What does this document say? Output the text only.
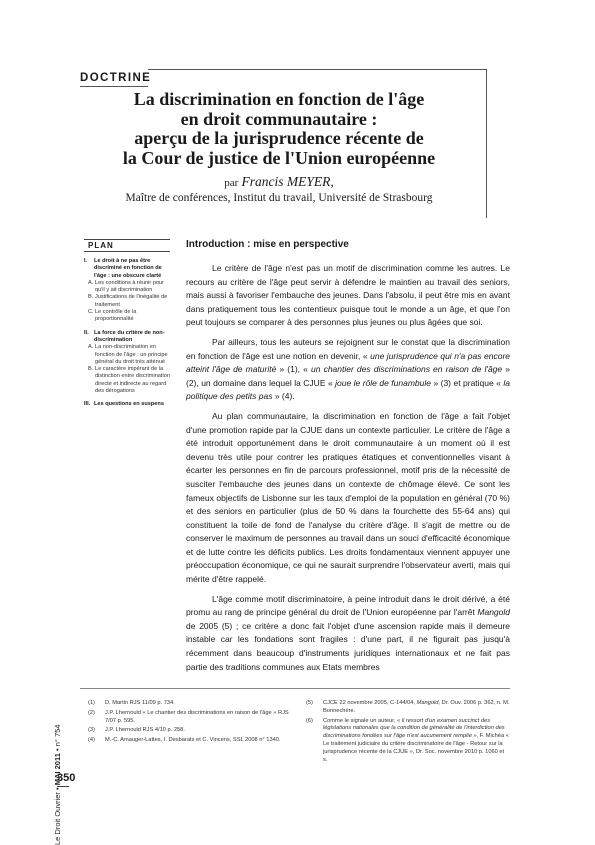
DOCTRINE
La discrimination en fonction de l'âge
en droit communautaire :
aperçu de la jurisprudence récente de
la Cour de justice de l'Union européenne
par Francis MEYER,
Maître de conférences, Institut du travail, Université de Strasbourg
PLAN
I.	Le droit à ne pas être discriminé en fonction de l'âge : une obscure clarté
A. Les conditions à réunir pour qu'il y ait discrimination
B. Justifications de l'inégalité de traitement
C. Le contrôle de la proportionnalité
II. La force du critère de non-discrimination
A. La non-discrimination en fonction de l'âge : un principe général du droit très atténué
B. Le caractère impérant de la distinction entre discrimination directe et indirecte au regard des dérogations
III. Les questions en suspens
Introduction : mise en perspective

Le critère de l'âge n'est pas un motif de discrimination comme les autres. Le recours au critère de l'âge peut servir à défendre le maintien au travail des seniors, mais aussi à favoriser l'embauche des jeunes. Dans l'absolu, il peut être mis en avant dans pratiquement tous les contentieux puisque tout le monde a un âge, et que l'on peut toujours se comparer à des personnes plus jeunes ou plus âgées que soi.

Par ailleurs, tous les auteurs se rejoignent sur le constat que la discrimination en fonction de l'âge est une notion en devenir, « une jurisprudence qui n'a pas encore atteint l'âge de maturité » (1), « un chantier des discriminations en raison de l'âge » (2), un domaine dans lequel la CJUE « joue le rôle de funambule » (3) et pratique « la politique des petits pas » (4).

Au plan communautaire, la discrimination en fonction de l'âge a fait l'objet d'une promotion rapide par la CJUE dans un contexte particulier. Le critère de l'âge a été introduit opportunément dans le droit communautaire à un moment où il est devenu très utile pour contrer les pratiques étatiques et conventionnelles visant à écarter les personnes en fin de parcours professionnel, motif pris de la nécessité de susciter l'embauche des jeunes dans un contexte de chômage élevé. Ce sont les fameux objectifs de Lisbonne sur les taux d'emploi de la population en général (70 %) et des seniors en particulier (plus de 50 % dans la fourchette des 55-64 ans) qui constituent la toile de fond de l'analyse du critère d'âge. Il s'agit de mettre ou de conserver le maximum de personnes au travail dans un souci d'efficacité économique et de lutte contre les déficits publics. Les droits fondamentaux viennent appuyer une préoccupation économique, ce qui ne saurait surprendre l'observateur averti, mais qui mérite d'être rappelé.

L'âge comme motif discriminatoire, à peine introduit dans le droit dérivé, a été promu au rang de principe général du droit de l'Union européenne par l'arrêt Mangold de 2005 (5) ; ce critère a donc fait l'objet d'une ascension rapide mais il demeure instable car les fondations sont fragiles : d'une part, il ne figurait pas jusqu'à récemment dans beaucoup d'instruments juridiques internationaux et ne fait pas partie des traditions communes aux Etats membres

(1)	D. Martin RJS 11/09 p. 734.
(2)	J.P. Lhernould « Le chantier des discriminations en raison de l'âge » RJS 7/07 p. 595.
(3)	J.P. Lhernould RJS 4/10 p. 258.
(4)	M.-C. Amauger-Lattes, I. Desbarats et C. Vincens, SSL 2008 n° 1340.
(5)	CJCE 22 novembre 2005, C-144/04, Mangold, Dr. Ouv. 2006 p. 362, n. M. Bonnechère.
(6)	Comme le signale un auteur, « il ressort d'un examen succinct des législations nationales que la condition de généralité de l'interdiction des discriminations fondées sur l'âge n'est aucunement remplie », F. Michéa « Le traitement judiciaire du critère discriminatoire de l'âge - Retour sur la jurisprudence récente de la CJUE », Dr. Soc. novembre 2010 p. 1060 et s.
Le Droit Ouvrier • MAI 2011 • n° 754
350
